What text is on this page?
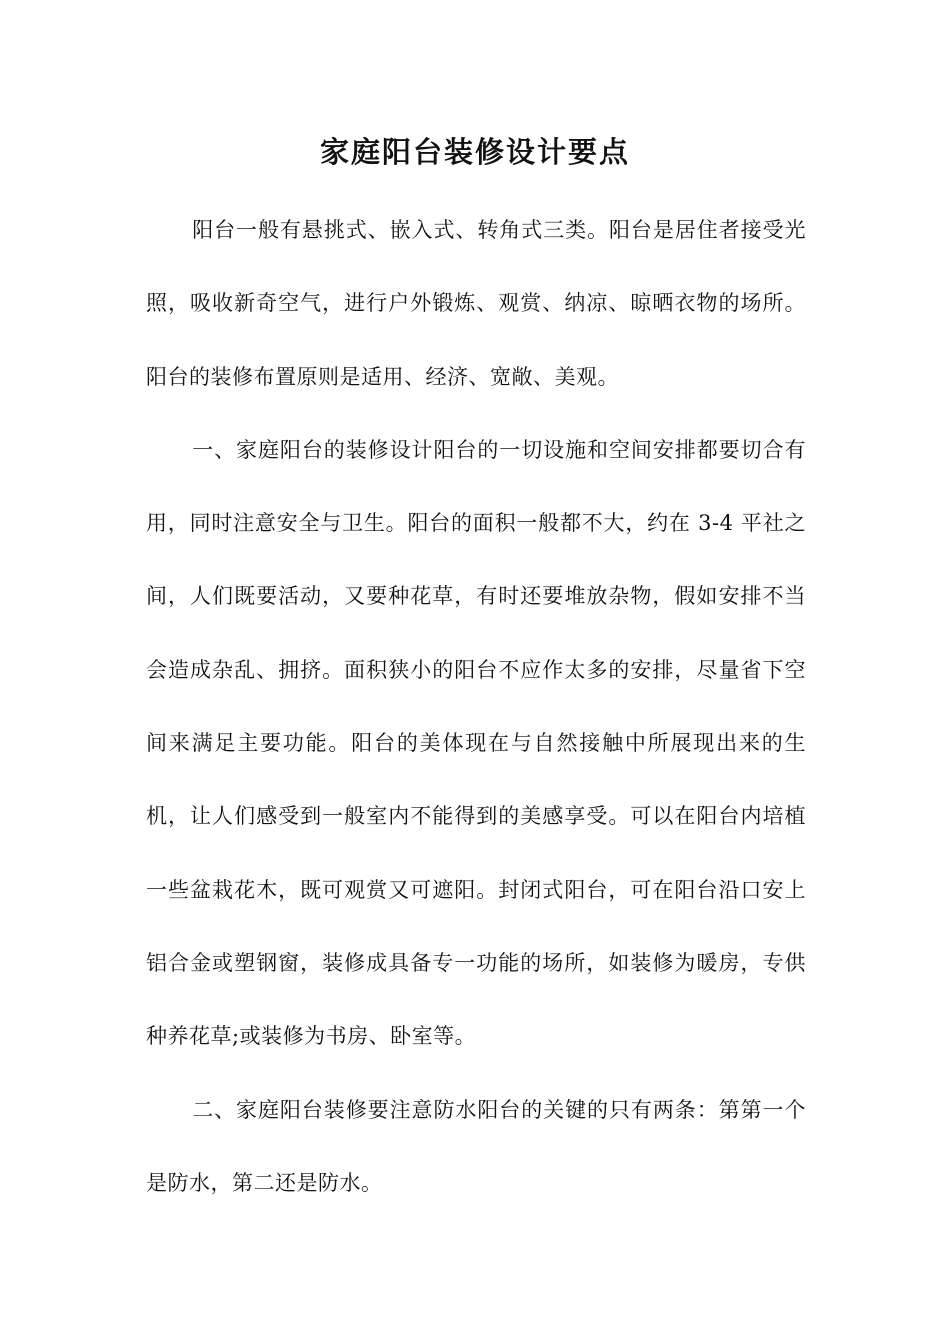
家庭阳台装修设计要点

阳台一般有悬挑式、嵌入式、转角式三类。阳台是居住者接受光照，吸收新奇空气，进行户外锻炼、观赏、纳凉、晾晒衣物的场所。阳台的装修布置原则是适用、经济、宽敞、美观。

一、家庭阳台的装修设计阳台的一切设施和空间安排都要切合有用，同时注意安全与卫生。阳台的面积一般都不大，约在 3-4 平社之间，人们既要活动，又要种花草，有时还要堆放杂物，假如安排不当会造成杂乱、拥挤。面积狭小的阳台不应作太多的安排，尽量省下空间来满足主要功能。阳台的美体现在与自然接触中所展现出来的生机，让人们感受到一般室内不能得到的美感享受。可以在阳台内培植一些盆栽花木，既可观赏又可遮阳。封闭式阳台，可在阳台沿口安上铝合金或塑钢窗，装修成具备专一功能的场所，如装修为暖房，专供种养花草;或装修为书房、卧室等。

二、家庭阳台装修要注意防水阳台的关键的只有两条：第第一个是防水，第二还是防水。
